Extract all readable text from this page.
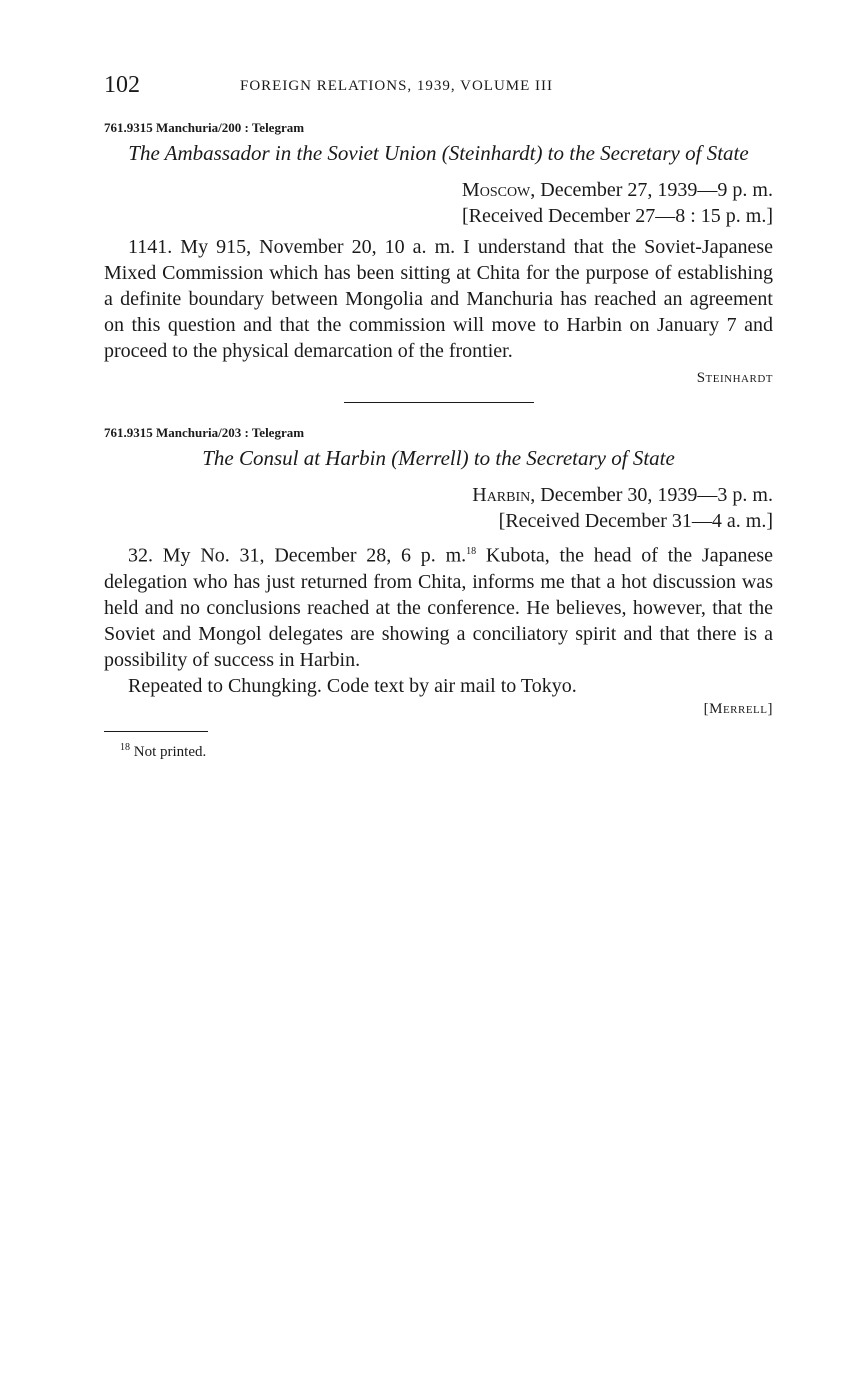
102	FOREIGN RELATIONS, 1939, VOLUME III
761.9315 Manchuria/200 : Telegram
The Ambassador in the Soviet Union (Steinhardt) to the Secretary of State
Moscow, December 27, 1939—9 p. m.
[Received December 27—8 : 15 p. m.]

1141. My 915, November 20, 10 a. m. I understand that the Soviet-Japanese Mixed Commission which has been sitting at Chita for the purpose of establishing a definite boundary between Mongolia and Manchuria has reached an agreement on this question and that the commission will move to Harbin on January 7 and proceed to the physical demarcation of the frontier.

Steinhardt
761.9315 Manchuria/203 : Telegram
The Consul at Harbin (Merrell) to the Secretary of State
Harbin, December 30, 1939—3 p. m.
[Received December 31—4 a. m.]

32. My No. 31, December 28, 6 p. m.$^{18}$ Kubota, the head of the Japanese delegation who has just returned from Chita, informs me that a hot discussion was held and no conclusions reached at the conference. He believes, however, that the Soviet and Mongol delegates are showing a conciliatory spirit and that there is a possibility of success in Harbin.

Repeated to Chungking. Code text by air mail to Tokyo.

[Merrell]
$^{18}$ Not printed.
